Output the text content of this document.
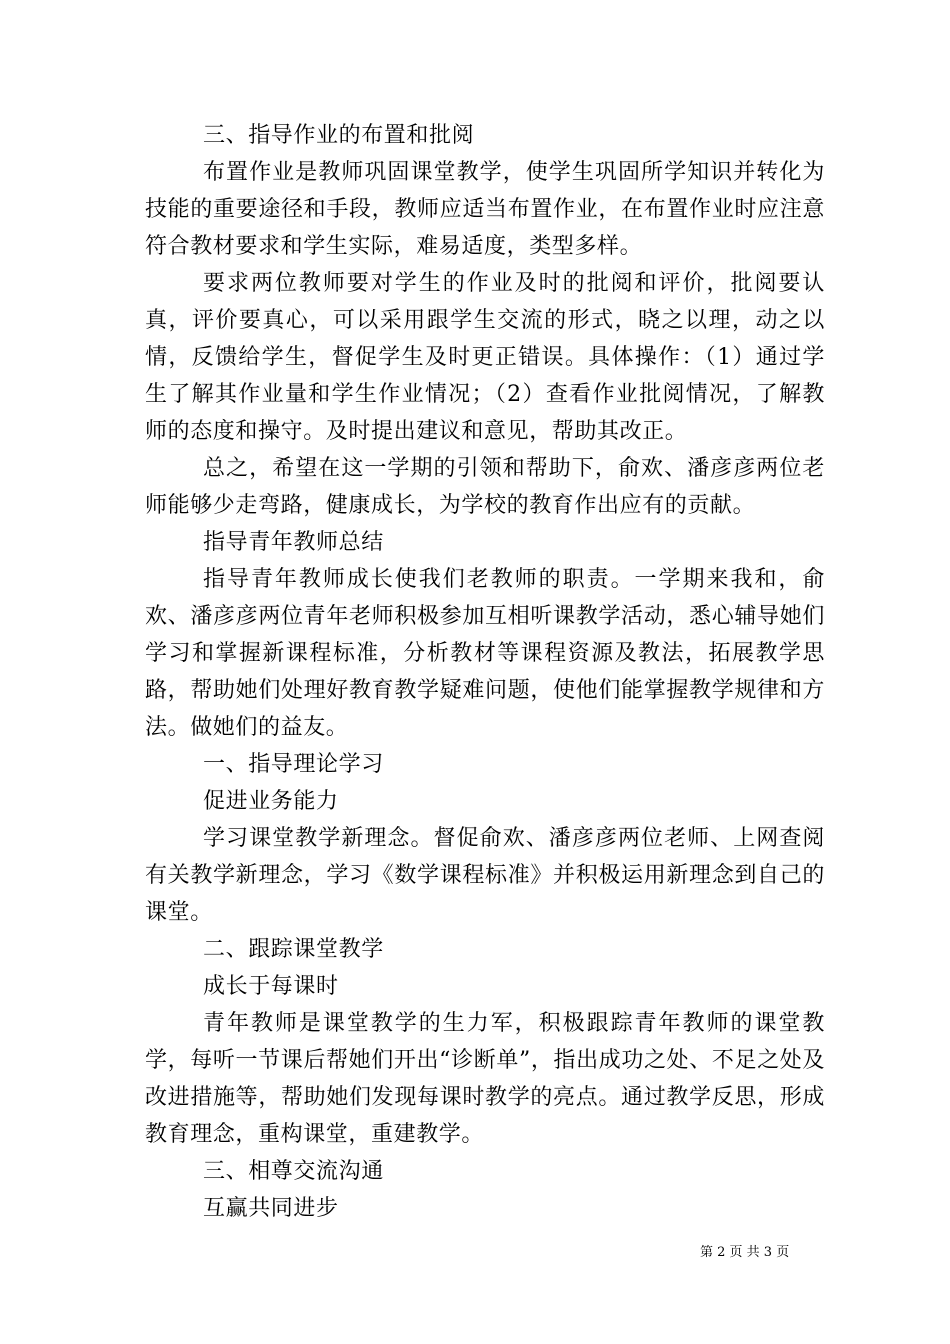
三、指导作业的布置和批阅

布置作业是教师巩固课堂教学，使学生巩固所学知识并转化为技能的重要途径和手段，教师应适当布置作业，在布置作业时应注意符合教材要求和学生实际，难易适度，类型多样。

要求两位教师要对学生的作业及时的批阅和评价，批阅要认真，评价要真心，可以采用跟学生交流的形式，晓之以理，动之以情，反馈给学生，督促学生及时更正错误。具体操作：（1）通过学生了解其作业量和学生作业情况；（2）查看作业批阅情况，了解教师的态度和操守。及时提出建议和意见，帮助其改正。

总之，希望在这一学期的引领和帮助下，俞欢、潘彦彦两位老师能够少走弯路，健康成长，为学校的教育作出应有的贡献。

指导青年教师总结

指导青年教师成长使我们老教师的职责。一学期来我和，俞欢、潘彦彦两位青年老师积极参加互相听课教学活动，悉心辅导她们学习和掌握新课程标准，分析教材等课程资源及教法，拓展教学思路，帮助她们处理好教育教学疑难问题，使他们能掌握教学规律和方法。做她们的益友。

一、指导理论学习

促进业务能力

学习课堂教学新理念。督促俞欢、潘彦彦两位老师、上网查阅有关教学新理念，学习《数学课程标准》并积极运用新理念到自己的课堂。

二、跟踪课堂教学

成长于每课时

青年教师是课堂教学的生力军，积极跟踪青年教师的课堂教学，每听一节课后帮她们开出“诊断单”，指出成功之处、不足之处及改进措施等，帮助她们发现每课时教学的亮点。通过教学反思，形成教育理念，重构课堂，重建教学。

三、相尊交流沟通

互赢共同进步

第 2 页 共 3 页
